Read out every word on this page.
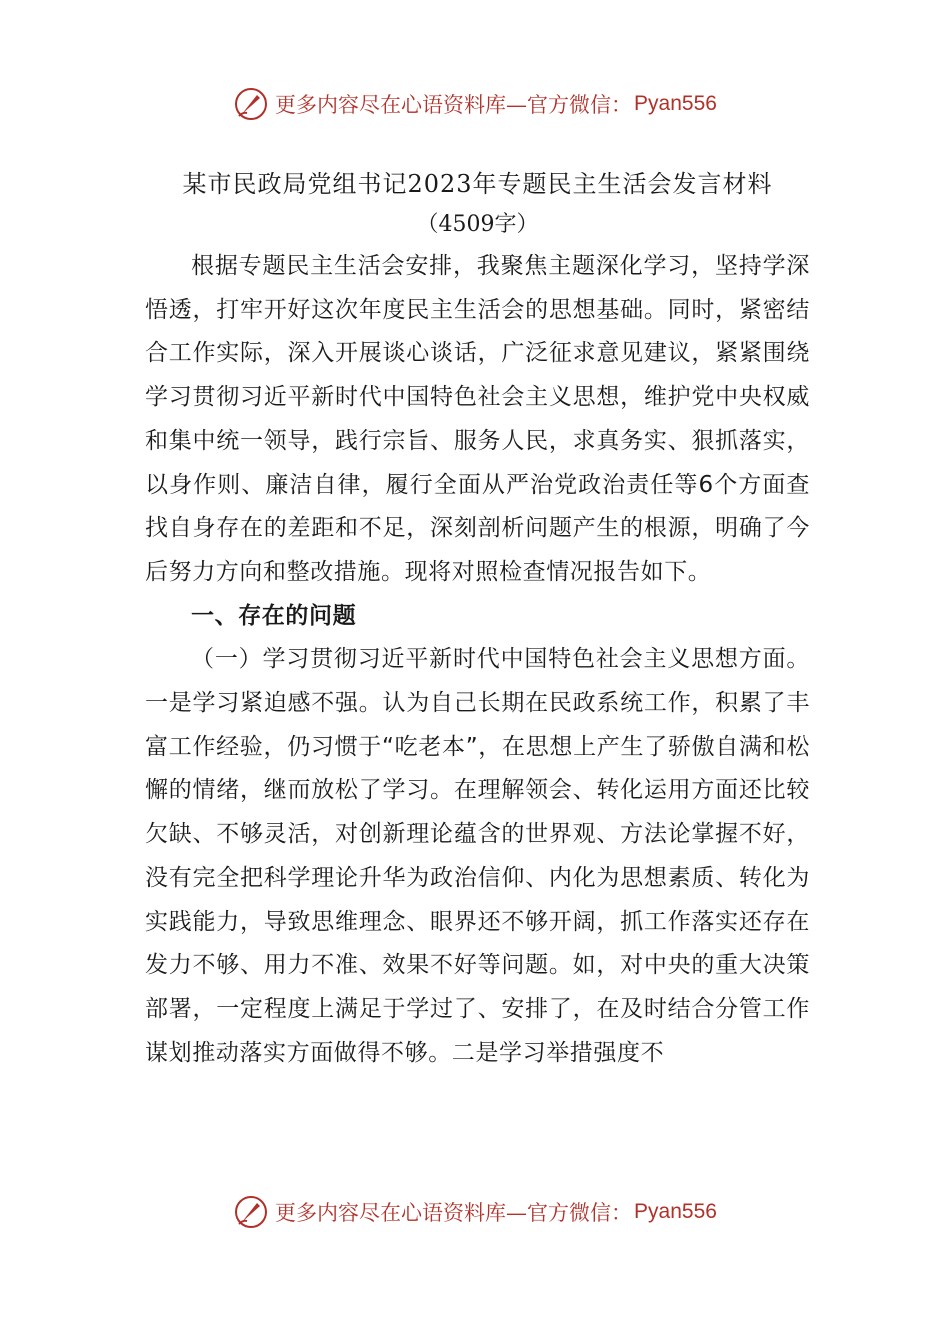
更多内容尽在心语资料库—官方微信： Pyan556
某市民政局党组书记2023年专题民主生活会发言材料

（4509字）

根据专题民主生活会安排，我聚焦主题深化学习，坚持学深悟透，打牢开好这次年度民主生活会的思想基础。同时，紧密结合工作实际，深入开展谈心谈话，广泛征求意见建议，紧紧围绕学习贯彻习近平新时代中国特色社会主义思想，维护党中央权威和集中统一领导，践行宗旨、服务人民，求真务实、狠抓落实，以身作则、廉洁自律，履行全面从严治党政治责任等6个方面查找自身存在的差距和不足，深刻剖析问题产生的根源，明确了今后努力方向和整改措施。现将对照检查情况报告如下。

一、存在的问题

（一）学习贯彻习近平新时代中国特色社会主义思想方面。一是学习紧迫感不强。认为自己长期在民政系统工作，积累了丰富工作经验，仍习惯于“吃老本”，在思想上产生了骄傲自满和松懈的情绪，继而放松了学习。在理解领会、转化运用方面还比较欠缺、不够灵活，对创新理论蕴含的世界观、方法论掌握不好，没有完全把科学理论升华为政治信仰、内化为思想素质、转化为实践能力，导致思维理念、眼界还不够开阔，抓工作落实还存在发力不够、用力不准、效果不好等问题。如，对中央的重大决策部署，一定程度上满足于学过了、安排了，在及时结合分管工作谋划推动落实方面做得不够。二是学习举措强度不

更多内容尽在心语资料库—官方微信： Pyan556
